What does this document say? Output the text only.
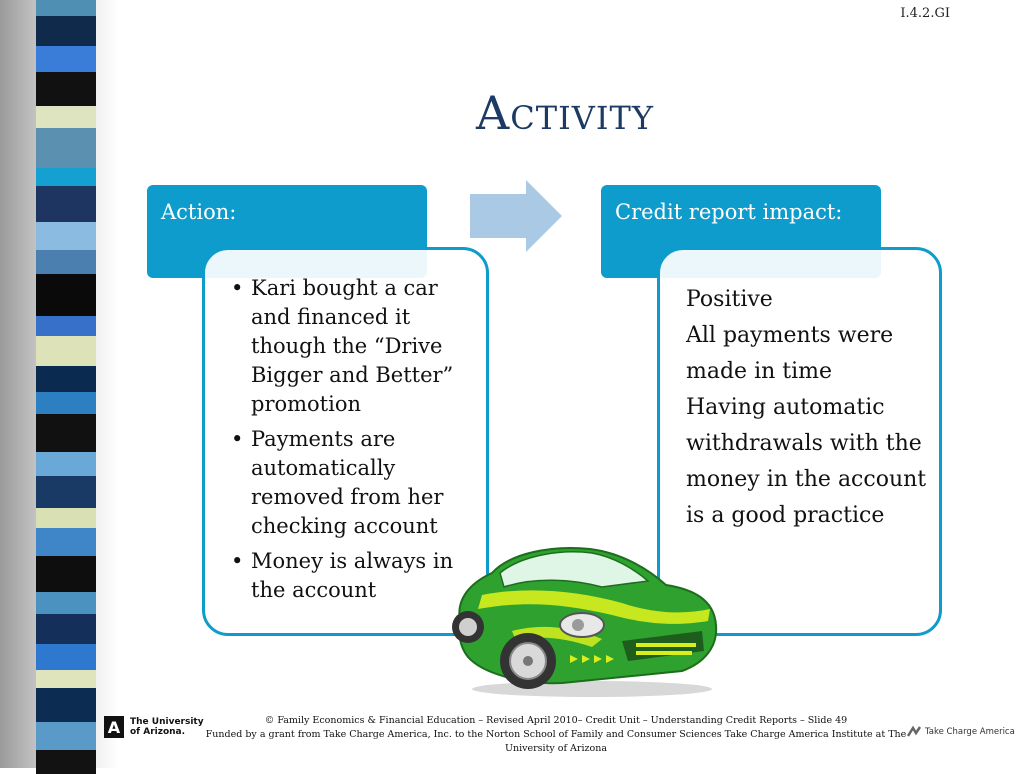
I.4.2.GI
Activity
Action:
• Kari bought a car and financed it though the “Drive Bigger and Better” promotion
• Payments are automatically removed from her checking account
• Money is always in the account
Credit report impact:

Positive

All payments were made in time

Having automatic withdrawals with the money in the account is a good practice

A	The University of Arizona.
© Family Economics & Financial Education – Revised April 2010– Credit Unit – Understanding Credit Reports – Slide 49
Funded by a grant from Take Charge America, Inc. to the Norton School of Family and Consumer Sciences Take Charge America Institute at The University of Arizona
Take Charge America
